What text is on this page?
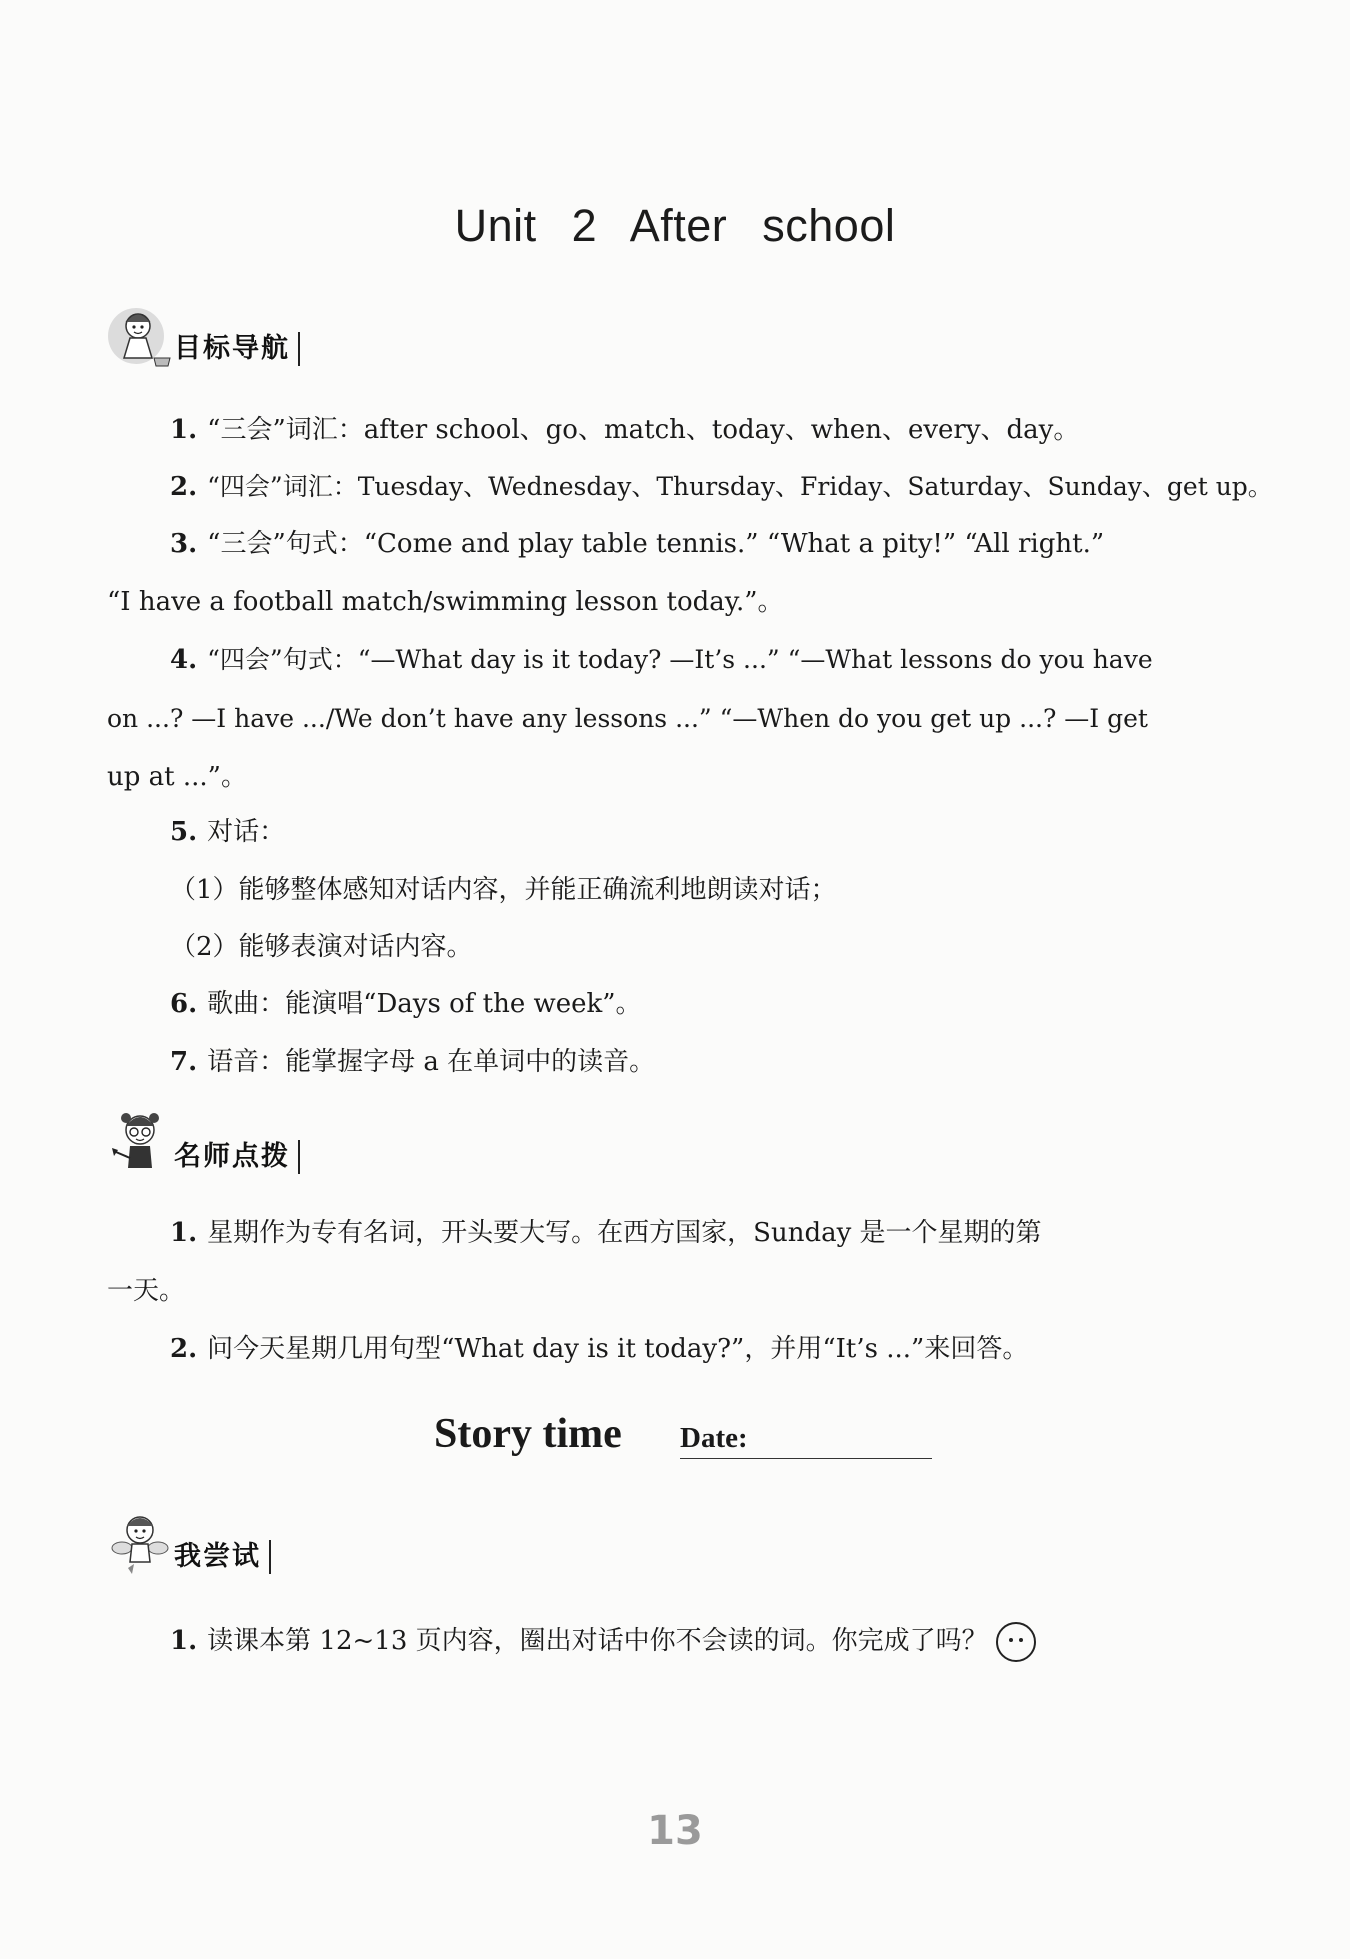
Unit 2 After school
目标导航
1. “三会”词汇：after school、go、match、today、when、every、day。
2. “四会”词汇：Tuesday、Wednesday、Thursday、Friday、Saturday、Sunday、get up。
3. “三会”句式：“Come and play table tennis.” “What a pity!” “All right.”
“I have a football match/swimming lesson today.”。
4. “四会”句式：“—What day is it today? —It’s ...” “—What lessons do you have
on ...? —I have .../We don’t have any lessons ...” “—When do you get up ...? —I get
up at ...”。
5. 对话：
（1）能够整体感知对话内容，并能正确流利地朗读对话；
（2）能够表演对话内容。
6. 歌曲：能演唱“Days of the week”。
7. 语音：能掌握字母 a 在单词中的读音。
名师点拨
1. 星期作为专有名词，开头要大写。在西方国家，Sunday 是一个星期的第
一天。
2. 问今天星期几用句型“What day is it today?”，并用“It’s ...”来回答。
Story time Date:
我尝试
1. 读课本第 12~13 页内容，圈出对话中你不会读的词。你完成了吗？
13
